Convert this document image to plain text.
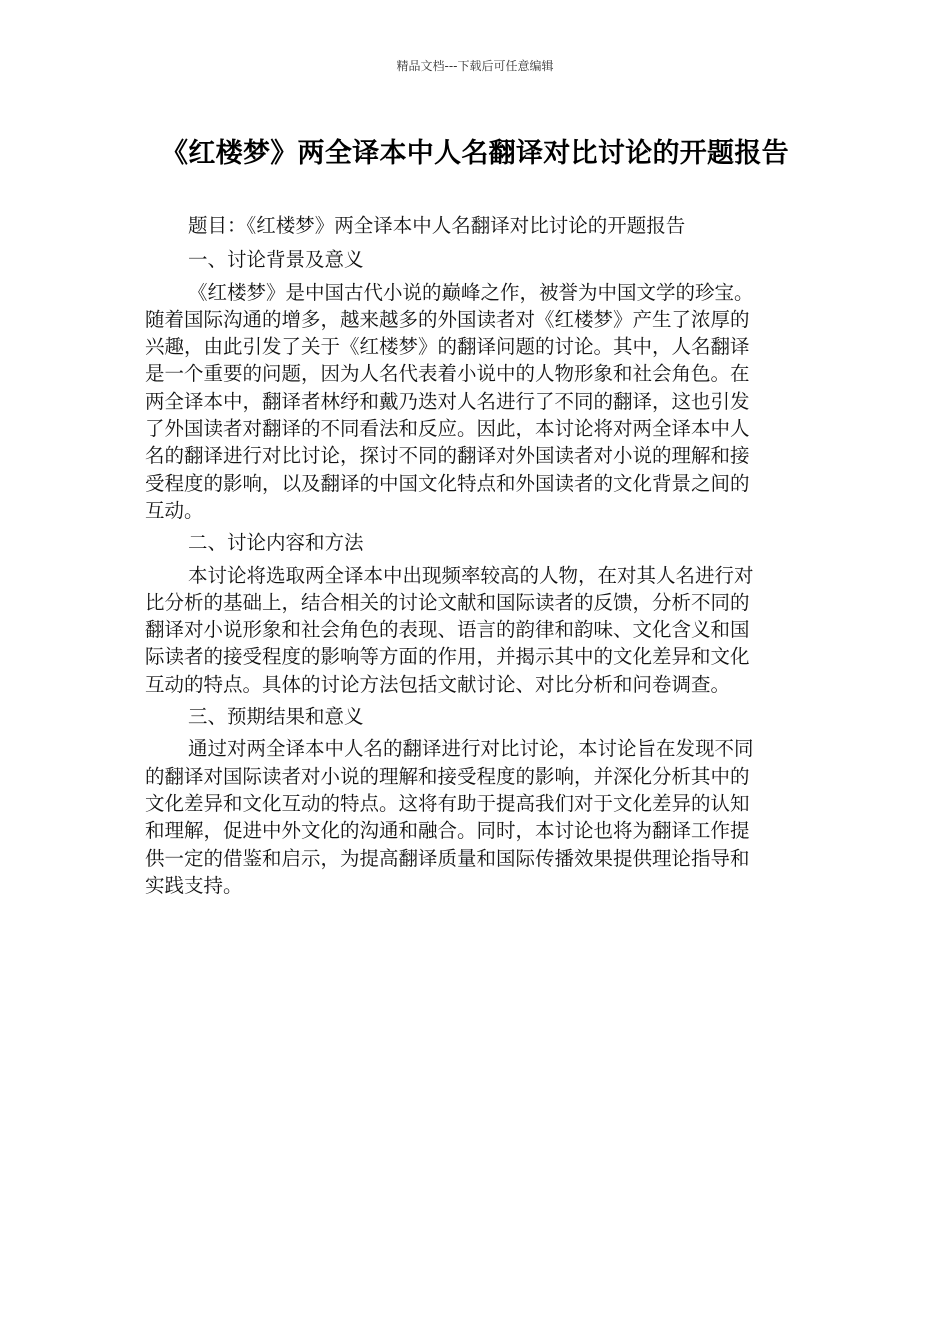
精品文档---下载后可任意编辑
《红楼梦》两全译本中人名翻译对比讨论的开题报告

题目：《红楼梦》两全译本中人名翻译对比讨论的开题报告

一、讨论背景及意义

《红楼梦》是中国古代小说的巅峰之作，被誉为中国文学的珍宝。

随着国际沟通的增多，越来越多的外国读者对《红楼梦》产生了浓厚的

兴趣，由此引发了关于《红楼梦》的翻译问题的讨论。其中，人名翻译

是一个重要的问题，因为人名代表着小说中的人物形象和社会角色。在

两全译本中，翻译者林纾和戴乃迭对人名进行了不同的翻译，这也引发

了外国读者对翻译的不同看法和反应。因此，本讨论将对两全译本中人

名的翻译进行对比讨论，探讨不同的翻译对外国读者对小说的理解和接

受程度的影响，以及翻译的中国文化特点和外国读者的文化背景之间的

互动。

二、讨论内容和方法

本讨论将选取两全译本中出现频率较高的人物，在对其人名进行对

比分析的基础上，结合相关的讨论文献和国际读者的反馈，分析不同的

翻译对小说形象和社会角色的表现、语言的韵律和韵味、文化含义和国

际读者的接受程度的影响等方面的作用，并揭示其中的文化差异和文化

互动的特点。具体的讨论方法包括文献讨论、对比分析和问卷调查。

三、预期结果和意义

通过对两全译本中人名的翻译进行对比讨论，本讨论旨在发现不同

的翻译对国际读者对小说的理解和接受程度的影响，并深化分析其中的

文化差异和文化互动的特点。这将有助于提高我们对于文化差异的认知

和理解，促进中外文化的沟通和融合。同时，本讨论也将为翻译工作提

供一定的借鉴和启示，为提高翻译质量和国际传播效果提供理论指导和

实践支持。
